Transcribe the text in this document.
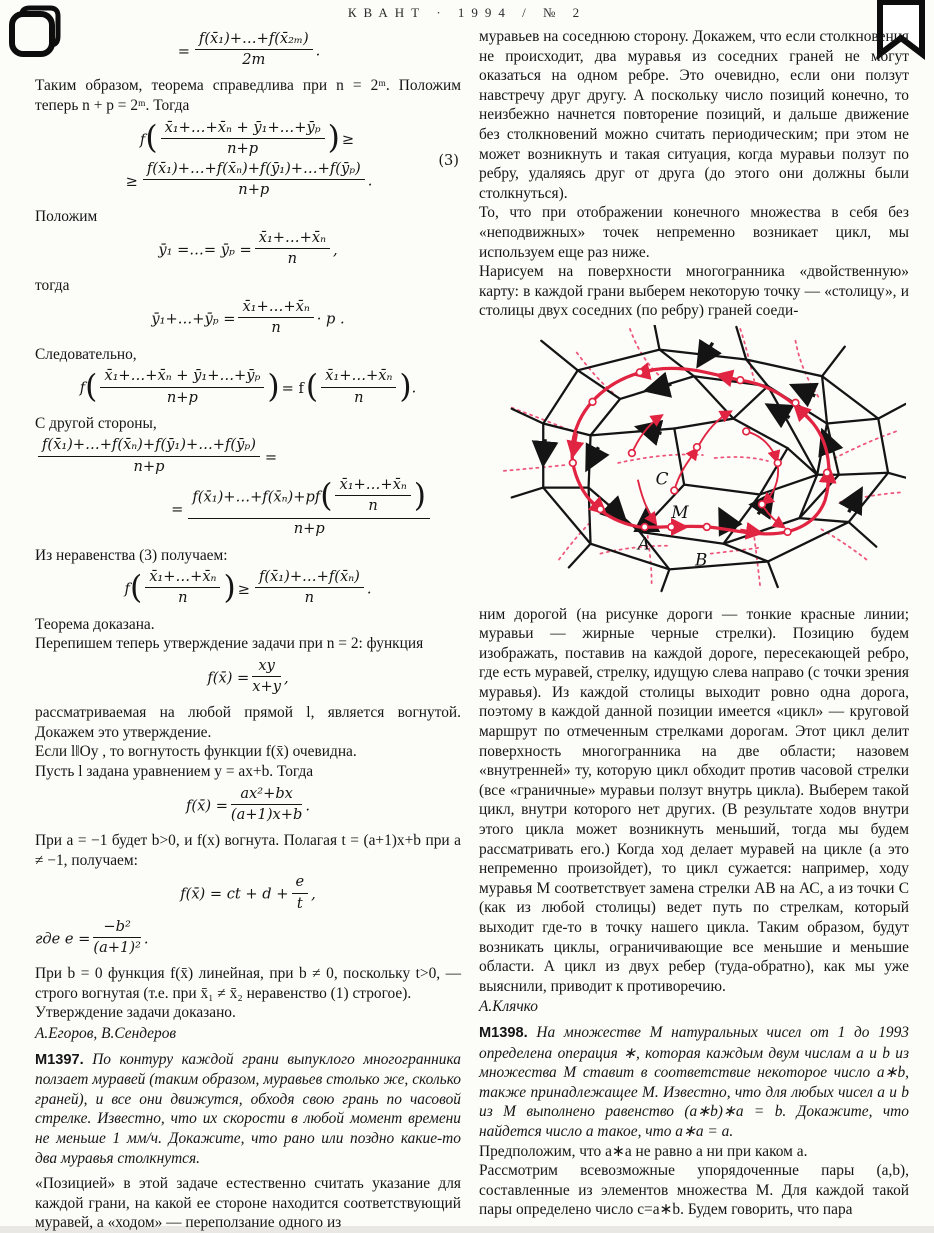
КВАНТ · 1994 / № 2
= $\frac{\text{f(x̄₁)+…+f(x̄₂ₘ)}}{2m}$ .

Таким образом, теорема справедлива при n = 2ᵐ. Положим теперь n + p = 2ᵐ. Тогда

$f( \frac{\text{x̄₁+…+x̄ₙ + ȳ₁+…+ȳₚ}}{n+p}$ ) ≥
≥ $\frac{\text{f(x̄₁)+…+f(x̄ₙ)+f(ȳ₁)+…+f(ȳₚ)}}{n+p}$ .
(3)

Положим

ȳ₁ =…= ȳₚ = $\frac{\text{x̄₁+…+x̄ₙ}}{n}$ ,

тогда

ȳ₁+…+ȳₚ = $\frac{\text{x̄₁+…+x̄ₙ}}{n} \cdot p$ .

Следовательно,

$f( \frac{\text{x̄₁+…+x̄ₙ + ȳ₁+…+ȳₚ}}{n+p}$ ) = $f( \frac{\text{x̄₁+…+x̄ₙ}}{n}$ ).

С другой стороны,

$\frac{\text{f(x̄₁)+…+f(x̄ₙ)+f(ȳ₁)+…+f(ȳₚ)}}{n+p}$ =
= $\frac{f(x̄_1)+\dots+f(x̄_n)+pf( \frac{\text{x̄₁+…+x̄ₙ}}{n} )}{n+p}$

Из неравенства (3) получаем:

$f( \frac{\text{x̄₁+…+x̄ₙ}}{n}$ ) ≥ $\frac{\text{f(x̄₁)+…+f(x̄ₙ)}}{n}$ .

Теорема доказана.

Перепишем теперь утверждение задачи при n = 2: функция

f(x̄) = $\frac{xy}{x+y}$ ,

рассматриваемая на любой прямой l, является вогнутой. Докажем это утверждение.

Если l‖Oy , то вогнутость функции f(x̄) очевидна.

Пусть l задана уравнением y = ax+b. Тогда

f(x̄) = $\frac{\text{ax²+bx}}{(a+1)x+b}$ .

При a = −1 будет b>0, и f(x) вогнута. Полагая t = (a+1)x+b при a ≠ −1, получаем:

f(x̄) = ct + $d + \frac{e}{t}$ ,
где $e = \frac{\text{−b²}}{\text{(a+1)²}}$ .

При b = 0 функция f(x̄) линейная, при b ≠ 0, поскольку t>0, — строго вогнутая (т.е. при x̄₁ ≠ x̄₂ неравенство (1) строгое).

Утверждение задачи доказано.

А.Егоров, В.Сендеров

М1397. По контуру каждой грани выпуклого многогранника ползает муравей (таким образом, муравьев столько же, сколько граней), и все они движутся, обходя свою грань по часовой стрелке. Известно, что их скорости в любой момент времени не меньше 1 мм/ч. Докажите, что рано или поздно какие-то два муравья столкнутся.

«Позицией» в этой задаче естественно считать указание для каждой грани, на какой ее стороне находится соответствующий муравей, а «ходом» — переползание одного из

муравьев на соседнюю сторону. Докажем, что если столкновения не происходит, два муравья из соседних граней не могут оказаться на одном ребре. Это очевидно, если они ползут навстречу друг другу. А поскольку число позиций конечно, то неизбежно начнется повторение позиций, и дальше движение без столкновений можно считать периодическим; при этом не может возникнуть и такая ситуация, когда муравьи ползут по ребру, удаляясь друг от друга (до этого они должны были столкнуться).

То, что при отображении конечного множества в себя без «неподвижных» точек непременно возникает цикл, мы используем еще раз ниже.

Нарисуем на поверхности многогранника «двойственную» карту: в каждой грани выберем некоторую точку — «столицу», и столицы двух соседних (по ребру) граней соеди-

C
M
A
B

ним дорогой (на рисунке дороги — тонкие красные линии; муравьи — жирные черные стрелки). Позицию будем изображать, поставив на каждой дороге, пересекающей ребро, где есть муравей, стрелку, идущую слева направо (с точки зрения муравья). Из каждой столицы выходит ровно одна дорога, поэтому в каждой данной позиции имеется «цикл» — круговой маршрут по отмеченным стрелками дорогам. Этот цикл делит поверхность многогранника на две области; назовем «внутренней» ту, которую цикл обходит против часовой стрелки (все «граничные» муравьи ползут внутрь цикла). Выберем такой цикл, внутри которого нет других. (В результате ходов внутри этого цикла может возникнуть меньший, тогда мы будем рассматривать его.) Когда ход делает муравей на цикле (а это непременно произойдет), то цикл сужается: например, ходу муравья М соответствует замена стрелки АВ на АС, а из точки С (как из любой столицы) ведет путь по стрелкам, который выходит где-то в точку нашего цикла. Таким образом, будут возникать циклы, ограничивающие все меньшие и меньшие области. А цикл из двух ребер (туда-обратно), как мы уже выяснили, приводит к противоречию.

А.Клячко

М1398. На множестве М натуральных чисел от 1 до 1993 определена операция ∗, которая каждым двум числам a и b из множества М ставит в соответствие некоторое число a∗b, также принадлежащее М. Известно, что для любых чисел a и b из М выполнено равенство (a∗b)∗a = b. Докажите, что найдется число a такое, что a∗a = a.

Предположим, что a∗a не равно a ни при каком a.

Рассмотрим всевозможные упорядоченные пары (a,b), составленные из элементов множества М. Для каждой такой пары определено число c=a∗b. Будем говорить, что пара
